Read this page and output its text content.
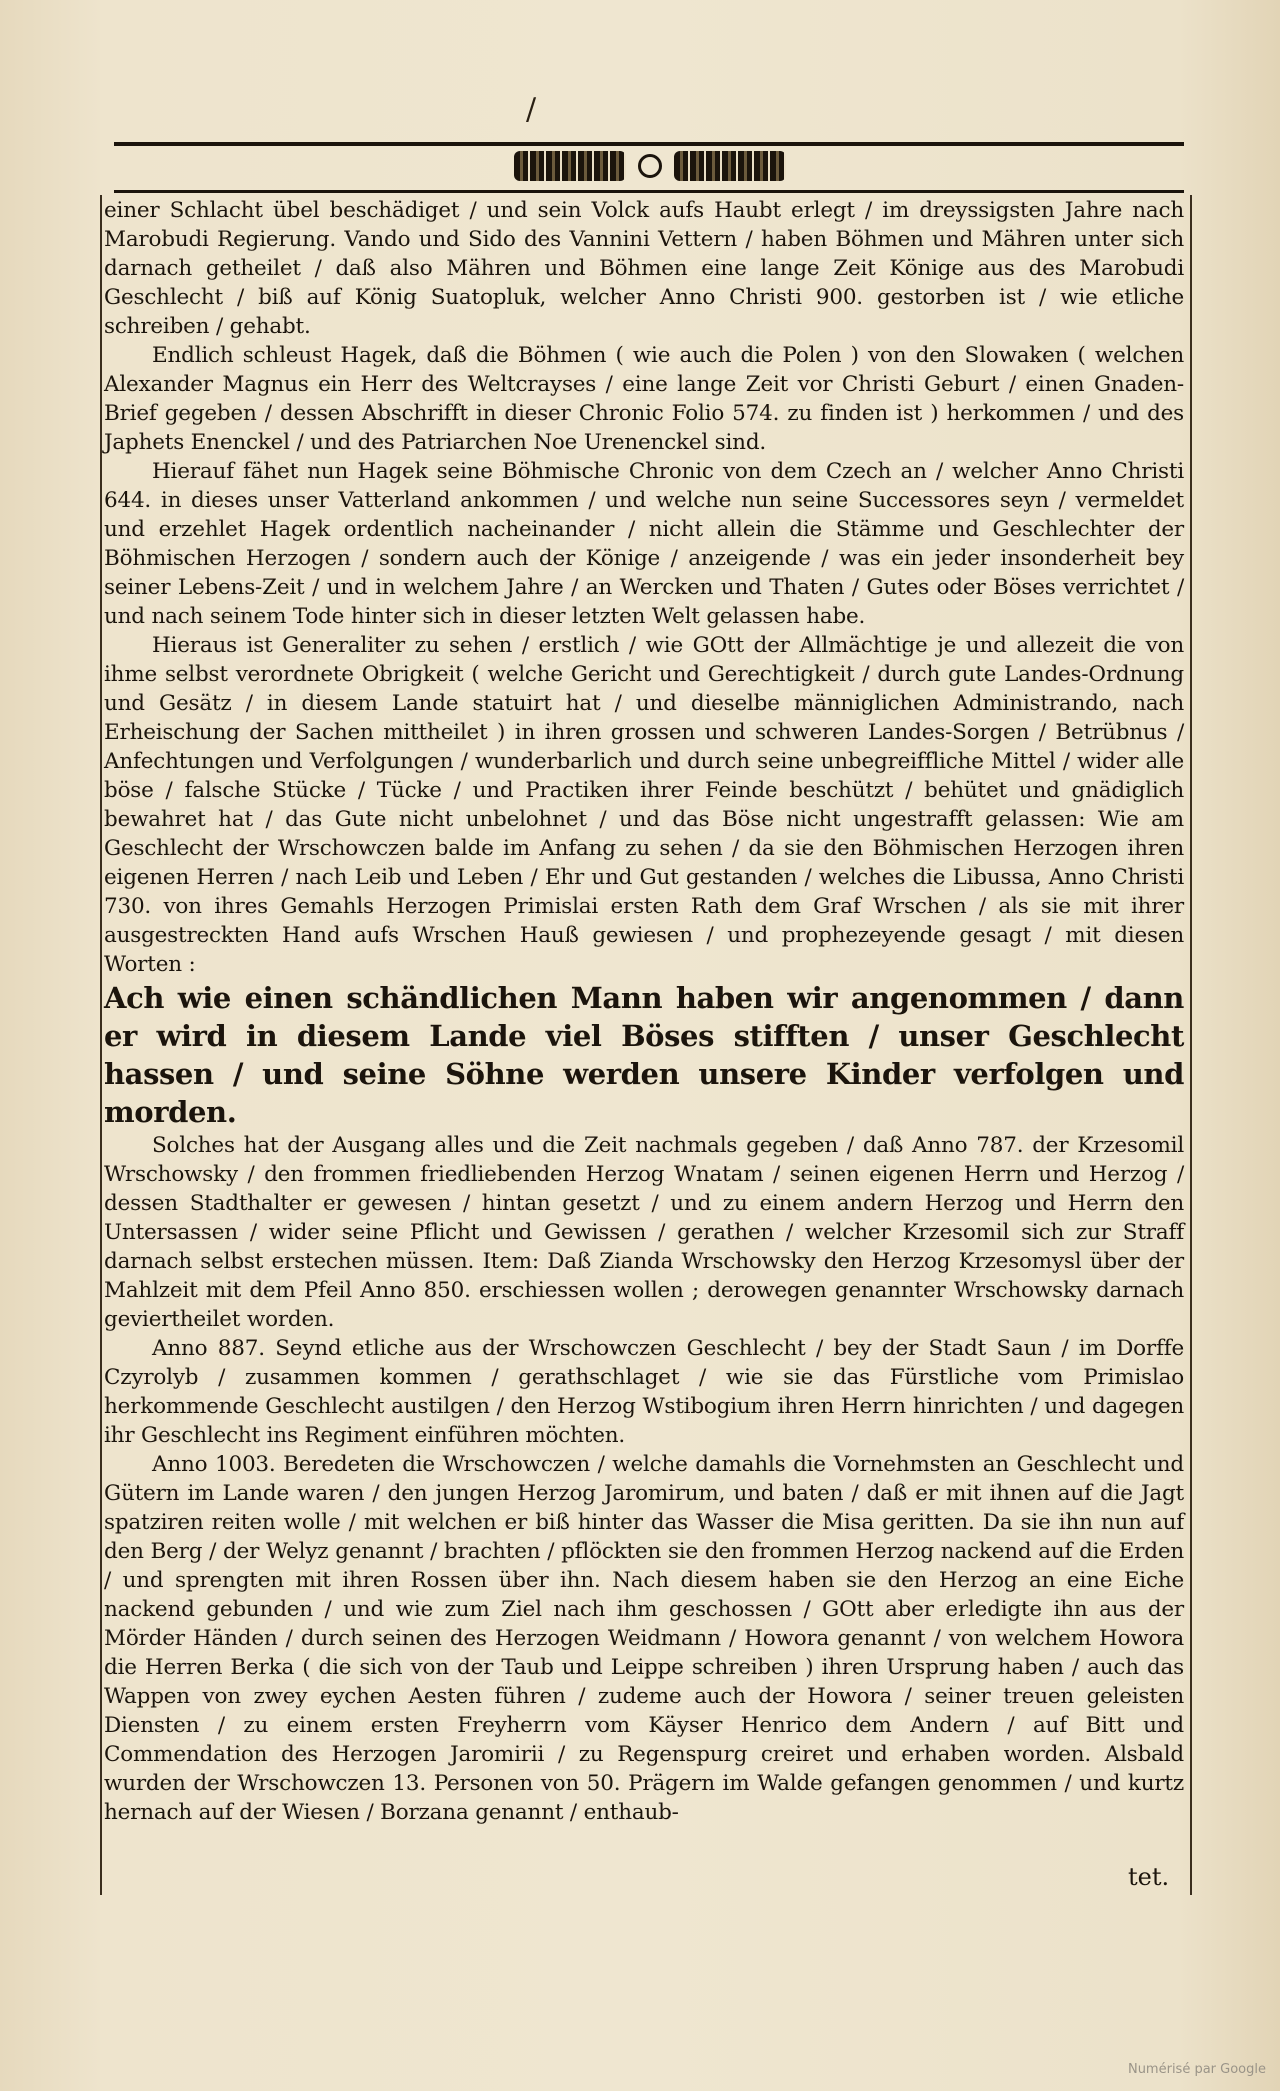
/

einer Schlacht übel beschädiget / und sein Volck aufs Haubt erlegt / im dreyssigsten Jahre nach Marobudi Regierung. Vando und Sido des Vannini Vettern / haben Böhmen und Mähren unter sich darnach getheilet / daß also Mähren und Böhmen eine lange Zeit Könige aus des Marobudi Geschlecht / biß auf König Suatopluk, welcher Anno Christi 900. gestorben ist / wie etliche schreiben / gehabt.

Endlich schleust Hagek, daß die Böhmen ( wie auch die Polen ) von den Slowaken ( welchen Alexander Magnus ein Herr des Weltcrayses / eine lange Zeit vor Christi Geburt / einen Gnaden-Brief gegeben / dessen Abschrifft in dieser Chronic Folio 574. zu finden ist ) herkommen / und des Japhets Enenckel / und des Patriarchen Noe Urenenckel sind.

Hierauf fähet nun Hagek seine Böhmische Chronic von dem Czech an / welcher Anno Christi 644. in dieses unser Vatterland ankommen / und welche nun seine Successores seyn / vermeldet und erzehlet Hagek ordentlich nacheinander / nicht allein die Stämme und Geschlechter der Böhmischen Herzogen / sondern auch der Könige / anzeigende / was ein jeder insonderheit bey seiner Lebens-Zeit / und in welchem Jahre / an Wercken und Thaten / Gutes oder Böses verrichtet / und nach seinem Tode hinter sich in dieser letzten Welt gelassen habe.

Hieraus ist Generaliter zu sehen / erstlich / wie GOtt der Allmächtige je und allezeit die von ihme selbst verordnete Obrigkeit ( welche Gericht und Gerechtigkeit / durch gute Landes-Ordnung und Gesätz / in diesem Lande statuirt hat / und dieselbe männiglichen Administrando, nach Erheischung der Sachen mittheilet ) in ihren grossen und schweren Landes-Sorgen / Betrübnus / Anfechtungen und Verfolgungen / wunderbarlich und durch seine unbegreiffliche Mittel / wider alle böse / falsche Stücke / Tücke / und Practiken ihrer Feinde beschützt / behütet und gnädiglich bewahret hat / das Gute nicht unbelohnet / und das Böse nicht ungestrafft gelassen: Wie am Geschlecht der Wrschowczen balde im Anfang zu sehen / da sie den Böhmischen Herzogen ihren eigenen Herren / nach Leib und Leben / Ehr und Gut gestanden / welches die Libussa, Anno Christi 730. von ihres Gemahls Herzogen Primislai ersten Rath dem Graf Wrschen / als sie mit ihrer ausgestreckten Hand aufs Wrschen Hauß gewiesen / und prophezeyende gesagt / mit diesen Worten :

Ach wie einen schändlichen Mann haben wir angenommen / dann er wird in diesem Lande viel Böses stifften / unser Geschlecht hassen / und seine Söhne werden unsere Kinder verfolgen und morden.

Solches hat der Ausgang alles und die Zeit nachmals gegeben / daß Anno 787. der Krzesomil Wrschowsky / den frommen friedliebenden Herzog Wnatam / seinen eigenen Herrn und Herzog / dessen Stadthalter er gewesen / hintan gesetzt / und zu einem andern Herzog und Herrn den Untersassen / wider seine Pflicht und Gewissen / gerathen / welcher Krzesomil sich zur Straff darnach selbst erstechen müssen. Item: Daß Zianda Wrschowsky den Herzog Krzesomysl über der Mahlzeit mit dem Pfeil Anno 850. erschiessen wollen ; derowegen genannter Wrschowsky darnach geviertheilet worden.

Anno 887. Seynd etliche aus der Wrschowczen Geschlecht / bey der Stadt Saun / im Dorffe Czyrolyb / zusammen kommen / gerathschlaget / wie sie das Fürstliche vom Primislao herkommende Geschlecht austilgen / den Herzog Wstibogium ihren Herrn hinrichten / und dagegen ihr Geschlecht ins Regiment einführen möchten.

Anno 1003. Beredeten die Wrschowczen / welche damahls die Vornehmsten an Geschlecht und Gütern im Lande waren / den jungen Herzog Jaromirum, und baten / daß er mit ihnen auf die Jagt spatziren reiten wolle / mit welchen er biß hinter das Wasser die Misa geritten. Da sie ihn nun auf den Berg / der Welyz genannt / brachten / pflöckten sie den frommen Herzog nackend auf die Erden / und sprengten mit ihren Rossen über ihn. Nach diesem haben sie den Herzog an eine Eiche nackend gebunden / und wie zum Ziel nach ihm geschossen / GOtt aber erledigte ihn aus der Mörder Händen / durch seinen des Herzogen Weidmann / Howora genannt / von welchem Howora die Herren Berka ( die sich von der Taub und Leippe schreiben ) ihren Ursprung haben / auch das Wappen von zwey eychen Aesten führen / zudeme auch der Howora / seiner treuen geleisten Diensten / zu einem ersten Freyherrn vom Käyser Henrico dem Andern / auf Bitt und Commendation des Herzogen Jaromirii / zu Regenspurg creiret und erhaben worden. Alsbald wurden der Wrschowczen 13. Personen von 50. Prägern im Walde gefangen genommen / und kurtz hernach auf der Wiesen / Borzana genannt / enthaub-

tet.
Numérisé par Google
